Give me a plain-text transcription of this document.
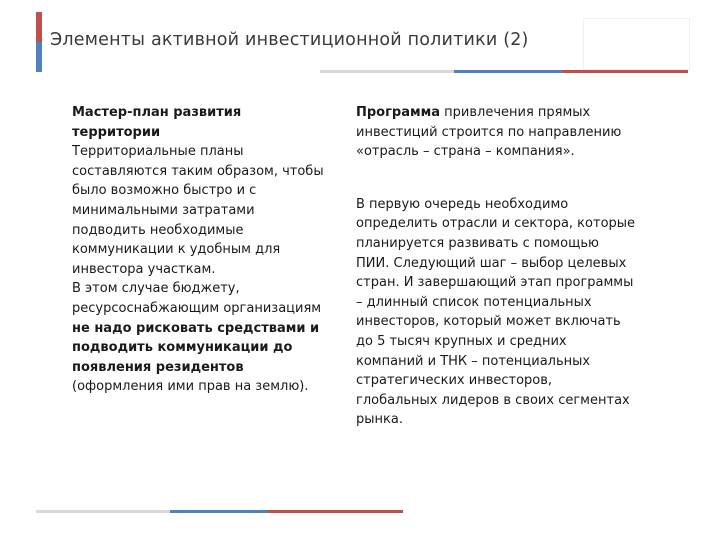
Элементы активной инвестиционной политики (2)

Мастер-план развития
территории

Территориальные планы составляются таким образом, чтобы было возможно быстро и с минимальными затратами подводить необходимые коммуникации к удобным для инвестора участкам.

В этом случае бюджету, ресурсоснабжающим организациям не надо рисковать средствами и подводить коммуникации до появления резидентов (оформления ими прав на землю).

Программа привлечения прямых инвестиций строится по направлению «отрасль – страна – компания».

В первую очередь необходимо определить отрасли и сектора, которые планируется развивать с помощью ПИИ. Следующий шаг – выбор целевых стран. И завершающий этап программы – длинный список потенциальных инвесторов, который может включать до 5 тысяч крупных и средних компаний и ТНК – потенциальных стратегических инвесторов, глобальных лидеров в своих сегментах рынка.
